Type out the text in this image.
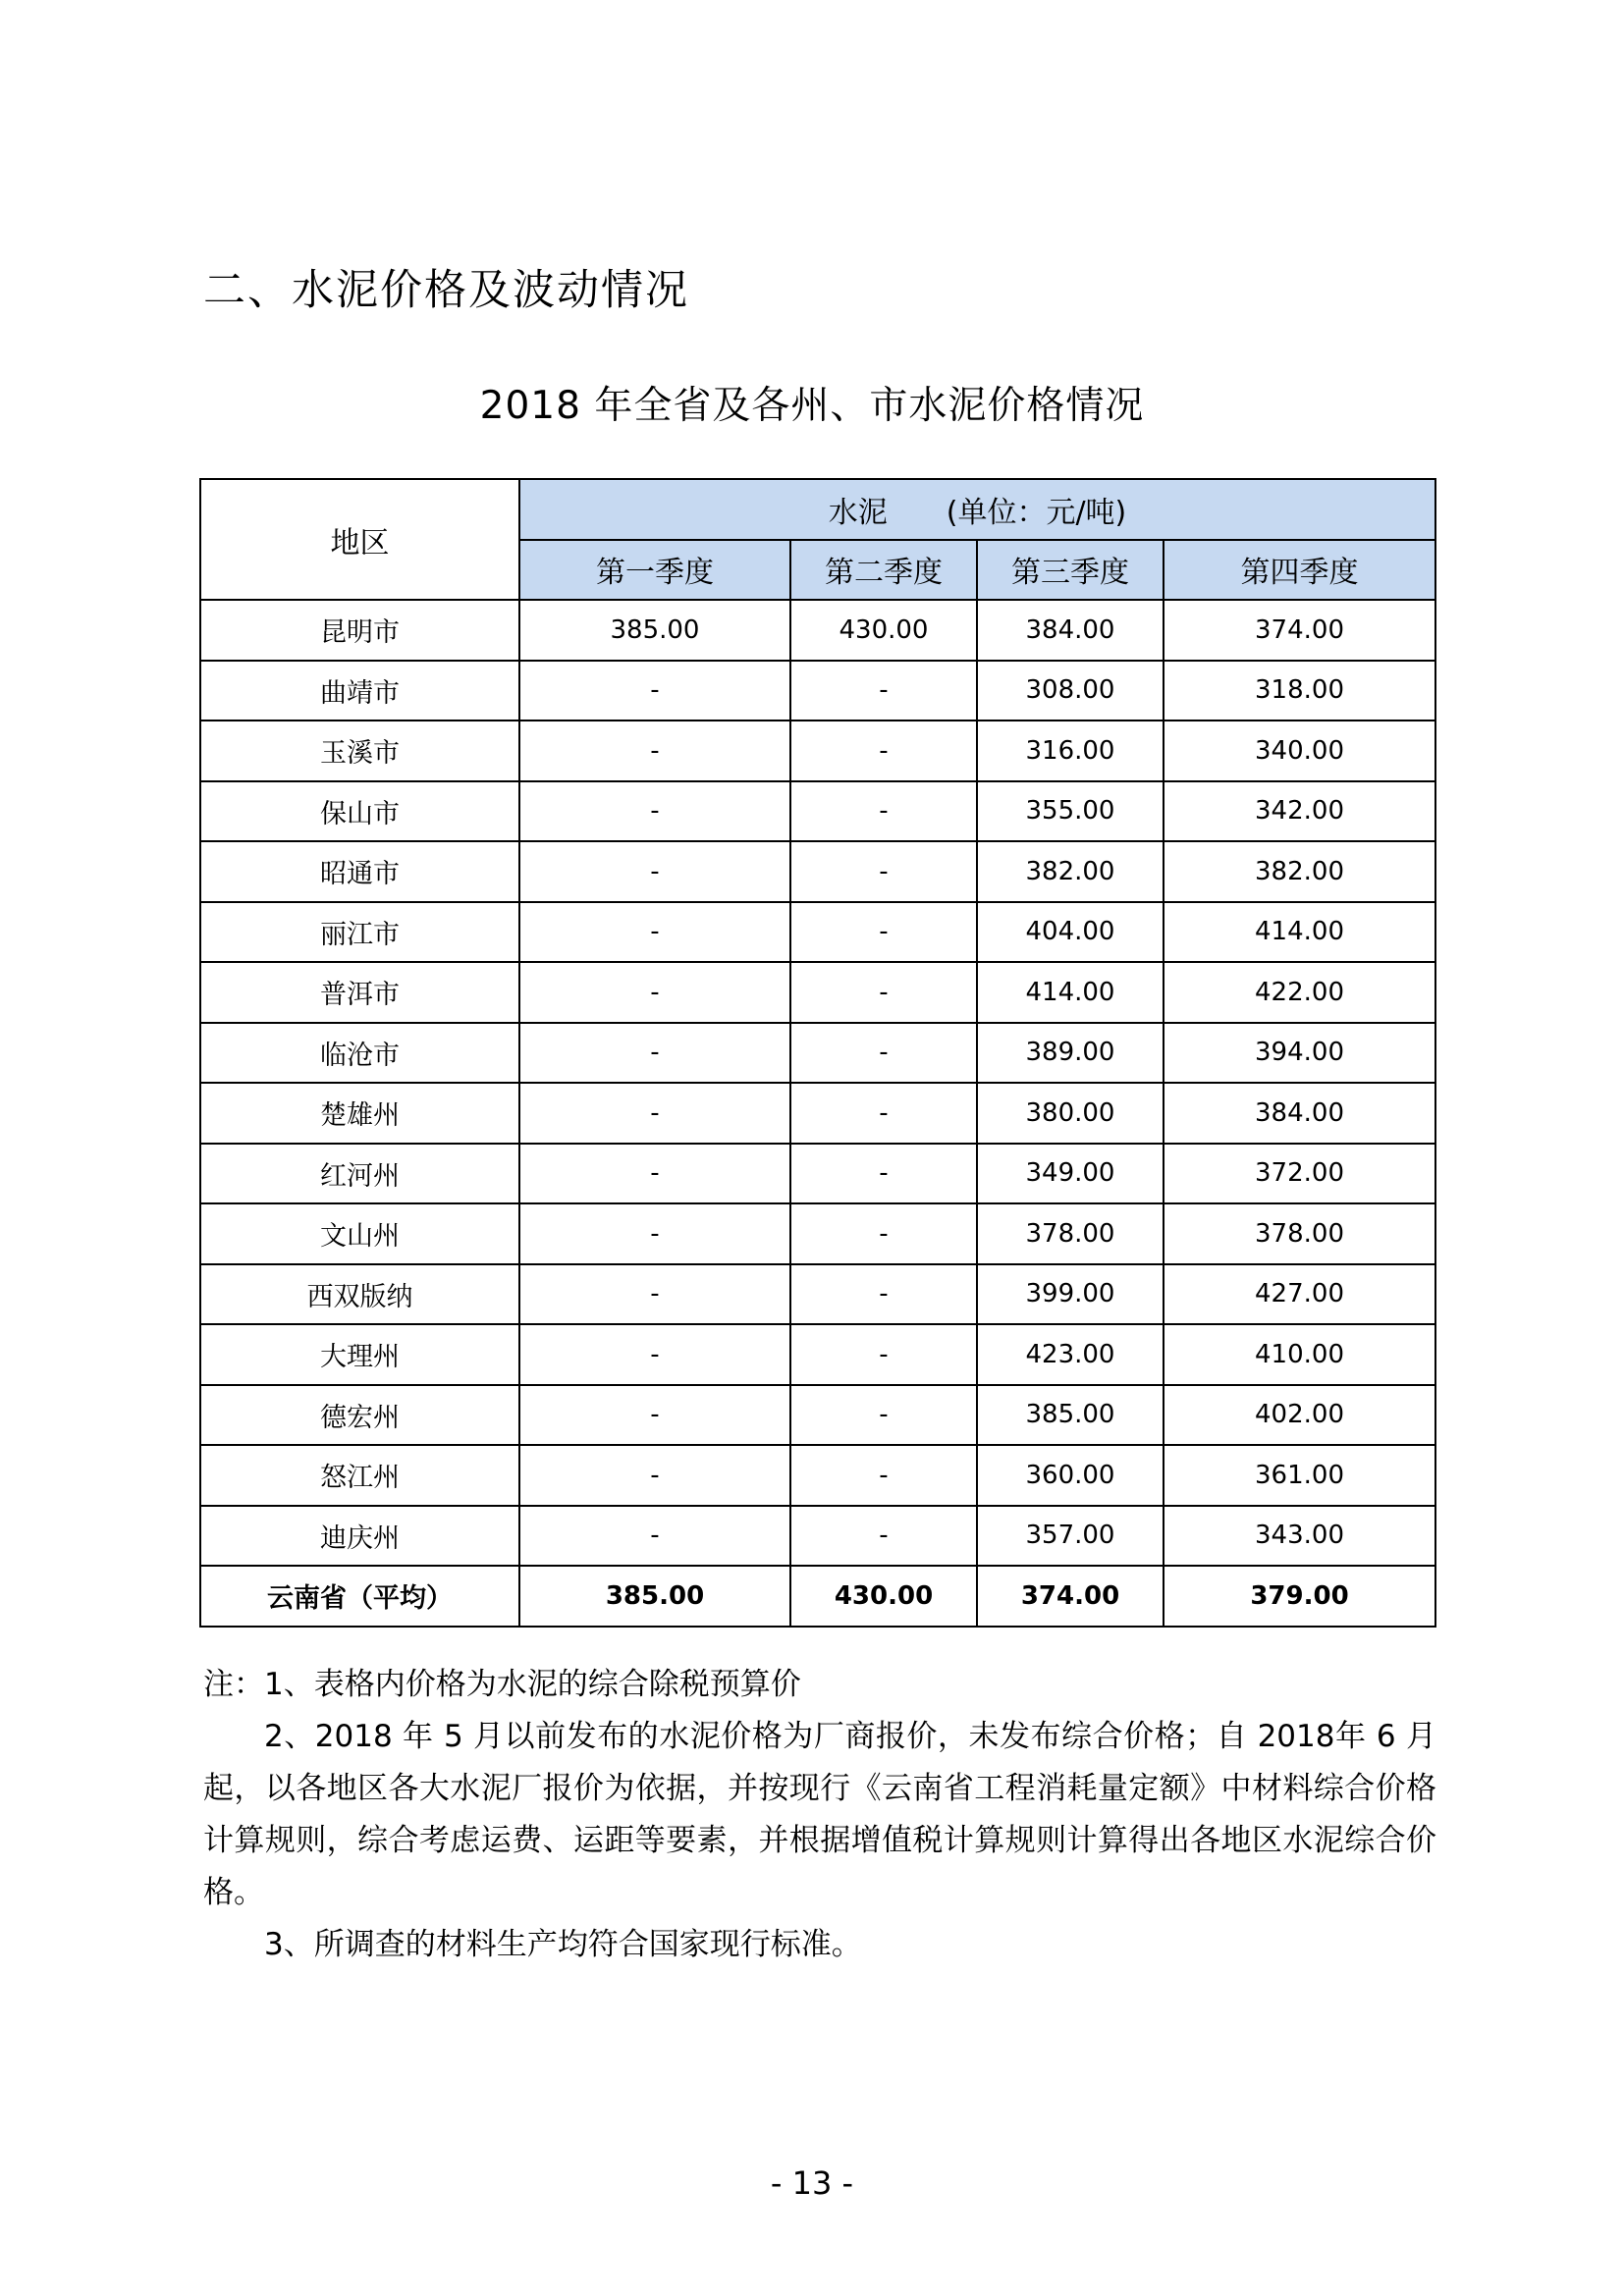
二、水泥价格及波动情况
2018 年全省及各州、市水泥价格情况
地区	水泥　　(单位：元/吨)			
	第一季度	第二季度	第三季度	第四季度
昆明市	385.00	430.00	384.00	374.00
曲靖市	-	-	308.00	318.00
玉溪市	-	-	316.00	340.00
保山市	-	-	355.00	342.00
昭通市	-	-	382.00	382.00
丽江市	-	-	404.00	414.00
普洱市	-	-	414.00	422.00
临沧市	-	-	389.00	394.00
楚雄州	-	-	380.00	384.00
红河州	-	-	349.00	372.00
文山州	-	-	378.00	378.00
西双版纳	-	-	399.00	427.00
大理州	-	-	423.00	410.00
德宏州	-	-	385.00	402.00
怒江州	-	-	360.00	361.00
迪庆州	-	-	357.00	343.00
云南省（平均）	385.00	430.00	374.00	379.00

注：1、表格内价格为水泥的综合除税预算价

2、2018 年 5 月以前发布的水泥价格为厂商报价，未发布综合价格；自 2018年 6 月起，以各地区各大水泥厂报价为依据，并按现行《云南省工程消耗量定额》中材料综合价格计算规则，综合考虑运费、运距等要素，并根据增值税计算规则计算得出各地区水泥综合价格。

3、所调查的材料生产均符合国家现行标准。

- 13 -
